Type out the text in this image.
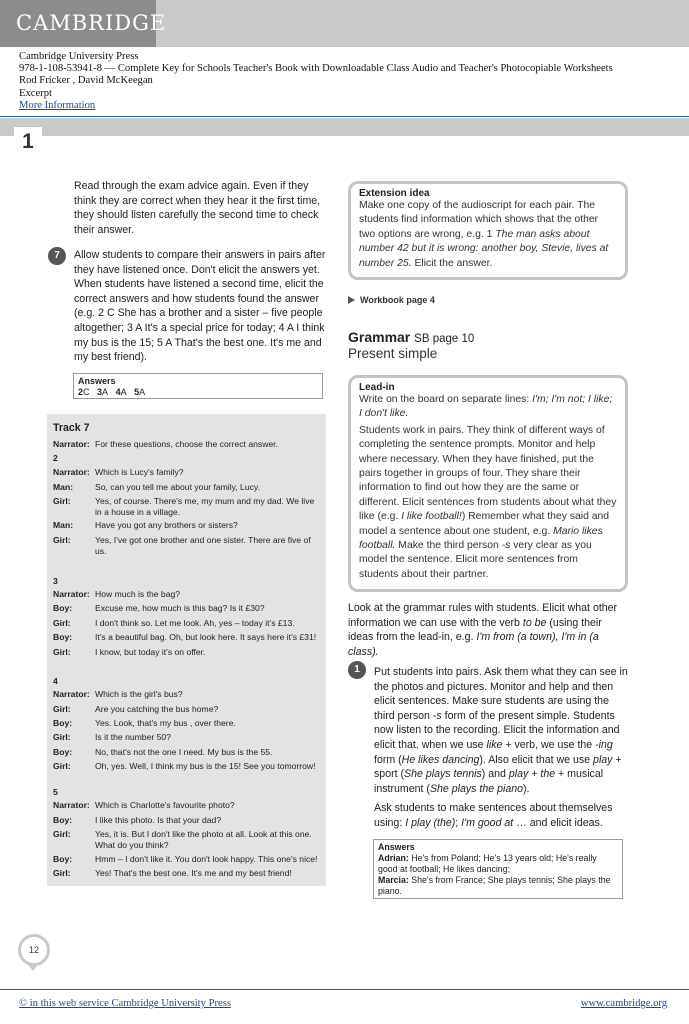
CAMBRIDGE
Cambridge University Press
978-1-108-53941-8 — Complete Key for Schools Teacher's Book with Downloadable Class Audio and Teacher's Photocopiable Worksheets
Rod Fricker , David McKeegan
Excerpt
More Information
1
Read through the exam advice again. Even if they think they are correct when they hear it the first time, they should listen carefully the second time to check their answer.
7	Allow students to compare their answers in pairs after they have listened once. Don't elicit the answers yet. When students have listened a second time, elicit the correct answers and how students found the answer (e.g. 2 C She has a brother and a sister – five people altogether; 3 A It's a special price for today; 4 A I think my bus is the 15; 5 A That's the best one. It's me and my best friend).
Answers
2C 3A 4A 5A
Track 7
Narrator: For these questions, choose the correct answer.
2
Narrator: Which is Lucy's family?
Man:	So, can you tell me about your family, Lucy.
Girl:	Yes, of course. There's me, my mum and my dad. We live in a house in a village.
Man:	Have you got any brothers or sisters?
Girl:	Yes, I've got one brother and one sister. There are five of us.
3
Narrator: How much is the bag?
Boy:	Excuse me, how much is this bag? Is it £30?
Girl:	I don't think so. Let me look. Ah, yes – today it's £13.
Boy:	It's a beautiful bag. Oh, but look here. It says here it's £31!
Girl:	I know, but today it's on offer.
4
Narrator: Which is the girl's bus?
Girl:	Are you catching the bus home?
Boy:	Yes. Look, that's my bus , over there.
Girl:	Is it the number 50?
Boy:	No, that's not the one I need. My bus is the 55.
Girl:	Oh, yes. Well, I think my bus is the 15! See you tomorrow!
5
Narrator: Which is Charlotte's favourite photo?
Boy:	I like this photo. Is that your dad?
Girl:	Yes, it is. But I don't like the photo at all. Look at this one. What do you think?
Boy:	Hmm – I don't like it. You don't look happy. This one's nice!
Girl:	Yes! That's the best one. It's me and my best friend!
Extension idea
Make one copy of the audioscript for each pair. The students find information which shows that the other two options are wrong, e.g. 1 The man asks about number 42 but it is wrong: another boy, Stevie, lives at number 25. Elicit the answer.
Workbook page 4
Grammar SB page 10
Present simple
Lead-in
Write on the board on separate lines: I'm; I'm not; I like; I don't like.
Students work in pairs. They think of different ways of completing the sentence prompts. Monitor and help where necessary. When they have finished, put the pairs together in groups of four. They share their information to find out how they are the same or different. Elicit sentences from students about what they like (e.g. I like football!) Remember what they said and model a sentence about one student, e.g. Mario likes football. Make the third person -s very clear as you model the sentence. Elicit more sentences from students about their partner.
Look at the grammar rules with students. Elicit what other information we can use with the verb to be (using their ideas from the lead-in, e.g. I'm from (a town), I'm in (a class).
1	Put students into pairs. Ask them what they can see in the photos and pictures. Monitor and help and then elicit sentences. Make sure students are using the third person -s form of the present simple. Students now listen to the recording. Elicit the information and elicit that, when we use like + verb, we use the -ing form (He likes dancing). Also elicit that we use play + sport (She plays tennis) and play + the + musical instrument (She plays the piano).
Ask students to make sentences about themselves using: I play (the); I'm good at … and elicit ideas.
Answers
Adrian: He's from Poland; He's 13 years old; He's really good at football; He likes dancing;
Marcia: She's from France; She plays tennis; She plays the piano.
12
© in this web service Cambridge University Press	www.cambridge.org
